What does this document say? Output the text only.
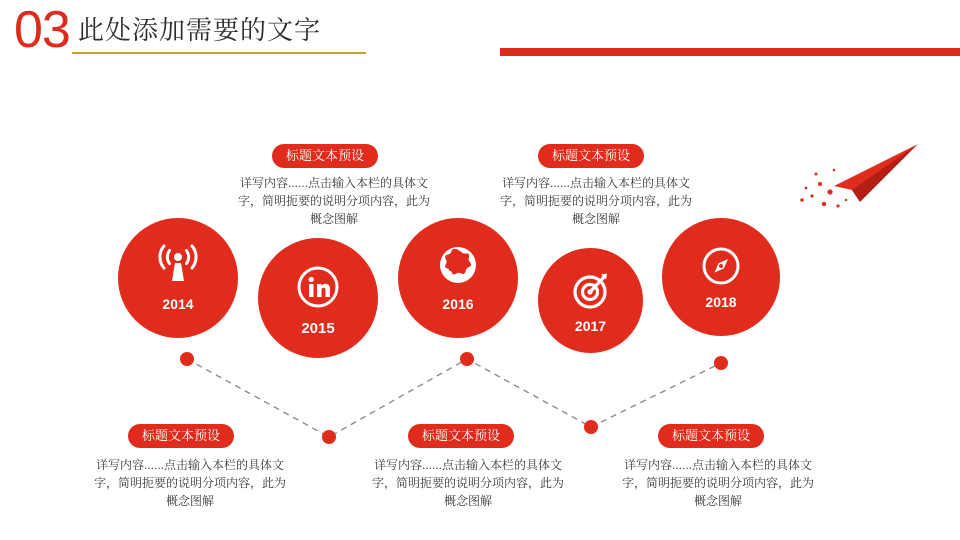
03 此处添加需要的文字
2014
2015
2016
2017
2018
标题文本预设
详写内容......点击输入本栏的具体文字，简明扼要的说明分项内容，此为概念图解
标题文本预设
详写内容......点击输入本栏的具体文字，简明扼要的说明分项内容，此为概念图解
标题文本预设
详写内容......点击输入本栏的具体文字，简明扼要的说明分项内容，此为概念图解
标题文本预设
详写内容......点击输入本栏的具体文字，简明扼要的说明分项内容，此为概念图解
标题文本预设
详写内容......点击输入本栏的具体文字，简明扼要的说明分项内容，此为概念图解
